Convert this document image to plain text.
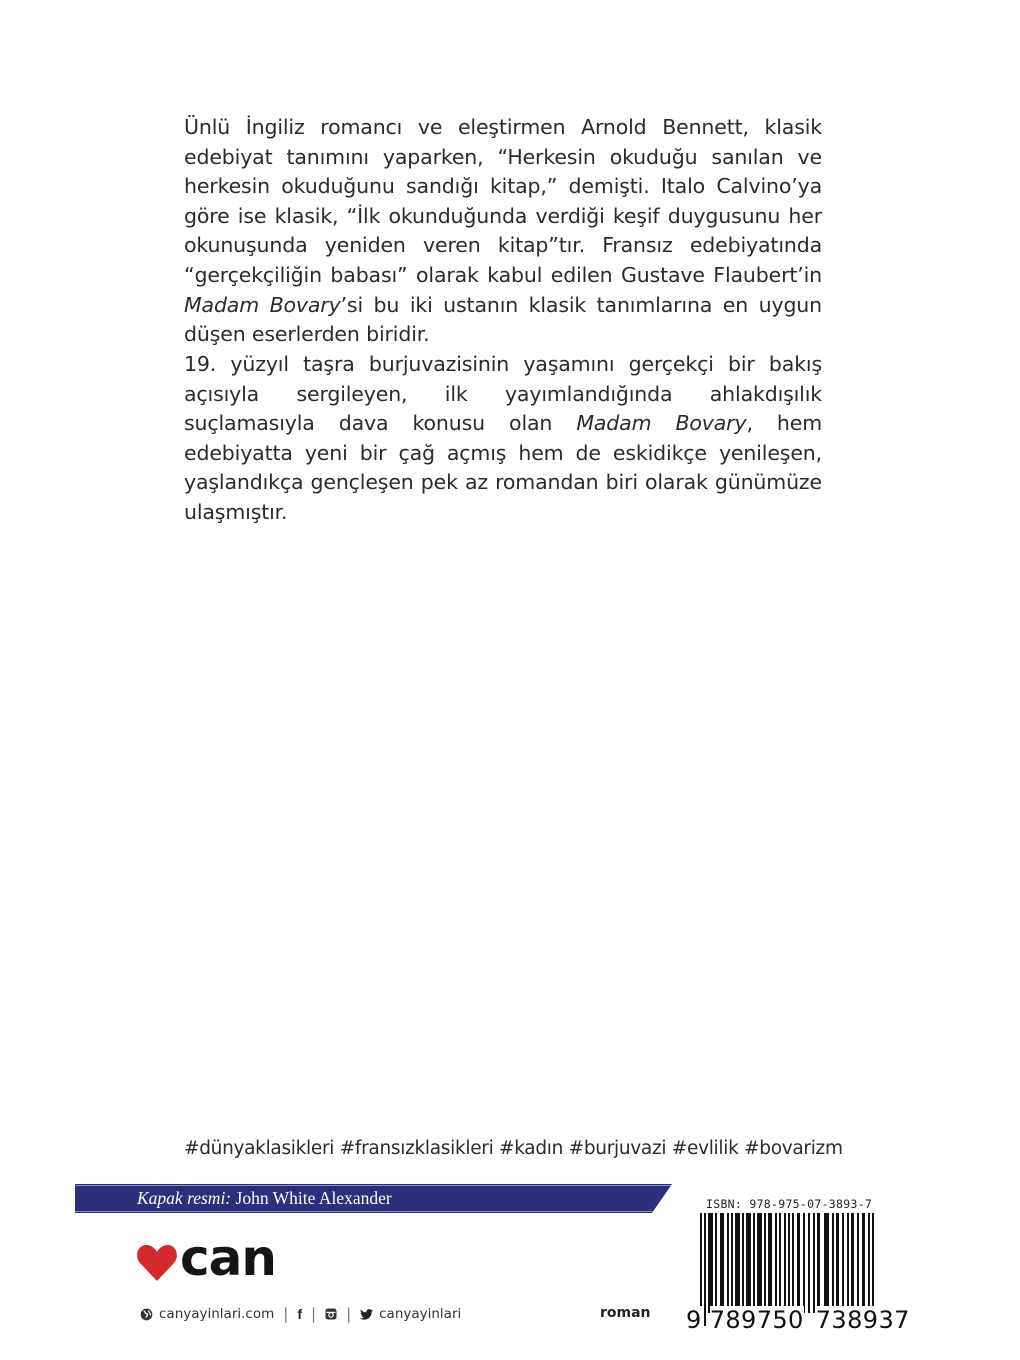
Ünlü İngiliz romancı ve eleştirmen Arnold Bennett, klasik edebiyat tanımını yaparken, “Herkesin okuduğu sanılan ve herkesin okuduğunu sandığı kitap,” demişti. Italo Calvino’ya göre ise klasik, “İlk okunduğunda verdiği keşif duygusunu her okunuşunda yeniden veren kitap”tır. Fransız edebiyatında “gerçekçiliğin babası” olarak kabul edilen Gustave Flaubert’in Madam Bovary’si bu iki ustanın klasik tanımlarına en uygun düşen eserlerden biridir.

19. yüzyıl taşra burjuvazisinin yaşamını gerçekçi bir bakış açısıyla sergileyen, ilk yayımlandığında ahlakdışılık suçlamasıyla dava konusu olan Madam Bovary, hem edebiyatta yeni bir çağ açmış hem de eskidikçe yenileşen, yaşlandıkça gençleşen pek az romandan biri olarak günümüze ulaşmıştır.

#dünyaklasikleri #fransızklasikleri #kadın #burjuvazi #evlilik #bovarizm
Kapak resmi: John White Alexander
can
canyayinlari.com | f | | canyayinlari	roman
ISBN: 978-975-07-3893-7
9 789750 738937
